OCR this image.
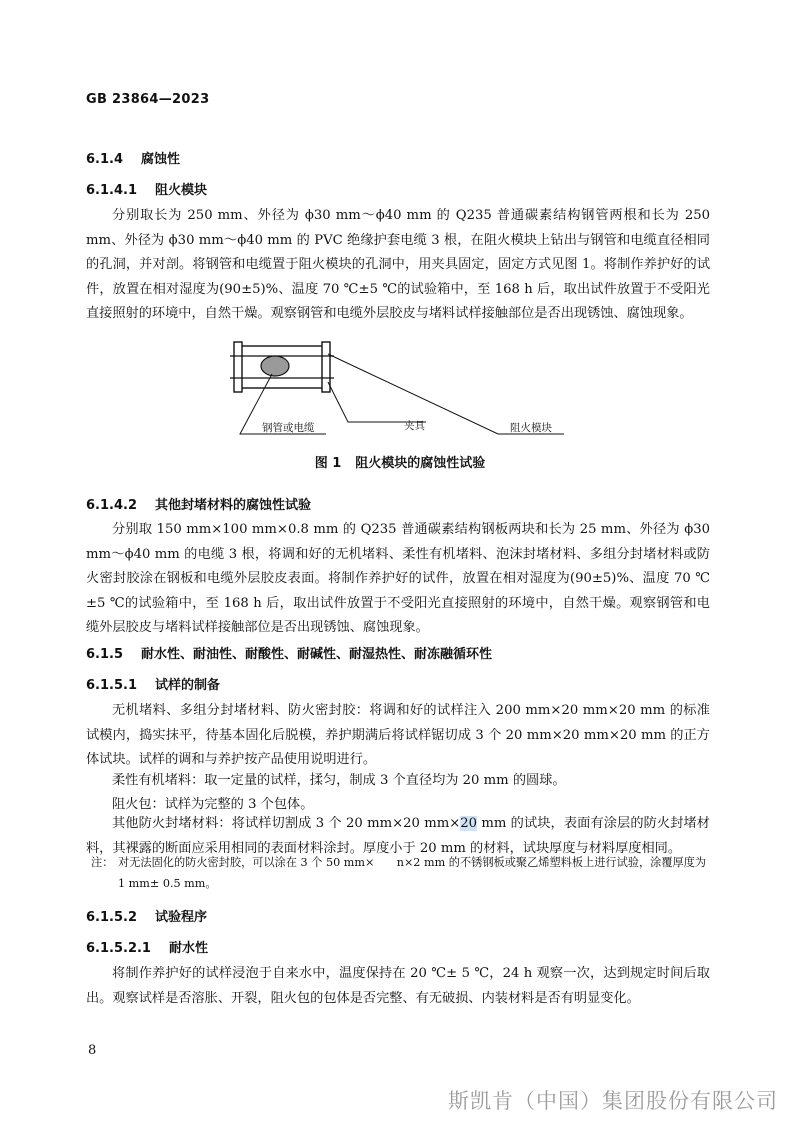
GB 23864—2023
6.1.4 腐蚀性
6.1.4.1 阻火模块
分别取长为 250 mm、外径为 ϕ30 mm～ϕ40 mm 的 Q235 普通碳素结构钢管两根和长为 250 mm、外径为 ϕ30 mm～ϕ40 mm 的 PVC 绝缘护套电缆 3 根，在阻火模块上钻出与钢管和电缆直径相同的孔洞，并对剖。将钢管和电缆置于阻火模块的孔洞中，用夹具固定，固定方式见图 1。将制作养护好的试件，放置在相对湿度为(90±5)%、温度 70 ℃±5 ℃的试验箱中，至 168 h 后，取出试件放置于不受阳光直接照射的环境中，自然干燥。观察钢管和电缆外层胶皮与堵料试样接触部位是否出现锈蚀、腐蚀现象。
钢管或电缆	夹具	阻火模块
图 1 阻火模块的腐蚀性试验
6.1.4.2 其他封堵材料的腐蚀性试验
分别取 150 mm×100 mm×0.8 mm 的 Q235 普通碳素结构钢板两块和长为 25 mm、外径为 ϕ30 mm～ϕ40 mm 的电缆 3 根，将调和好的无机堵料、柔性有机堵料、泡沫封堵材料、多组分封堵材料或防火密封胶涂在钢板和电缆外层胶皮表面。将制作养护好的试件，放置在相对湿度为(90±5)%、温度 70 ℃±5 ℃的试验箱中，至 168 h 后，取出试件放置于不受阳光直接照射的环境中，自然干燥。观察钢管和电缆外层胶皮与堵料试样接触部位是否出现锈蚀、腐蚀现象。
6.1.5 耐水性、耐油性、耐酸性、耐碱性、耐湿热性、耐冻融循环性
6.1.5.1 试样的制备
无机堵料、多组分封堵材料、防火密封胶：将调和好的试样注入 200 mm×20 mm×20 mm 的标准试模内，捣实抹平，待基本固化后脱模，养护期满后将试样锯切成 3 个 20 mm×20 mm×20 mm 的正方体试块。试样的调和与养护按产品使用说明进行。
柔性有机堵料：取一定量的试样，揉匀，制成 3 个直径均为 20 mm 的圆球。
阻火包：试样为完整的 3 个包体。
其他防火封堵材料：将试样切割成 3 个 20 mm×20 mm×20 mm 的试块，表面有涂层的防火封堵材料，其裸露的断面应采用相同的表面材料涂封。厚度小于 20 mm 的材料，试块厚度与材料厚度相同。
注： 对无法固化的防火密封胶，可以涂在 3 个 50 mm×　　n×2 mm 的不锈钢板或聚乙烯塑料板上进行试验，涂覆厚度为 1 mm± 0.5 mm。
6.1.5.2 试验程序
6.1.5.2.1 耐水性
将制作养护好的试样浸泡于自来水中，温度保持在 20 ℃± 5 ℃，24 h 观察一次，达到规定时间后取出。观察试样是否溶胀、开裂，阻火包的包体是否完整、有无破损、内装材料是否有明显变化。
8
斯凯肯（中国）集团股份有限公司
